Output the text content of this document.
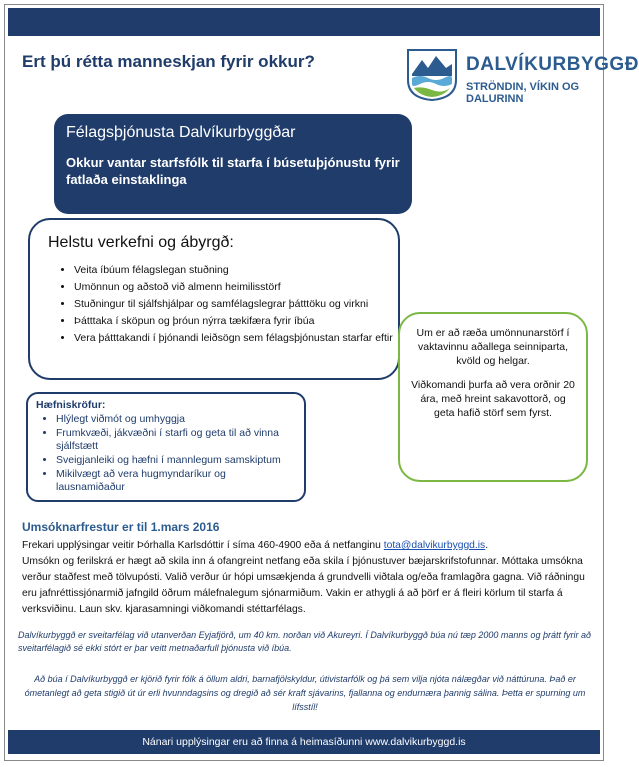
Ert þú rétta manneskjan fyrir okkur?	DALVÍKURBYGGÐ
STRÖNDIN, VÍKIN OG DALURINN
Félagsþjónusta Dalvíkurbyggðar
Okkur vantar starfsfólk til starfa í búsetuþjónustu fyrir fatlaða einstaklinga
Helstu verkefni og ábyrgð:
• Veita íbúum félagslegan stuðning
• Umönnun og aðstoð við almenn heimilisstörf
• Stuðningur til sjálfshjálpar og samfélagslegrar þátttöku og virkni
• Þátttaka í sköpun og þróun nýrra tækifæra fyrir íbúa
• Vera þátttakandi í þjónandi leiðsögn sem félagsþjónustan starfar eftir	Um er að ræða umönnunarstörf í vaktavinnu aðallega seinniparta, kvöld og helgar.

Viðkomandi þurfa að vera orðnir 20 ára, með hreint sakavottorð, og geta hafið störf sem fyrst.

Hæfniskröfur:
• Hlýlegt viðmót og umhyggja
• Frumkvæði, jákvæðni í starfi og geta til að vinna sjálfstætt
• Sveigjanleiki og hæfni í mannlegum samskiptum
• Mikilvægt að vera hugmyndaríkur og lausnamiðaður
Umsóknarfrestur er til 1.mars 2016
Frekari upplýsingar veitir Þórhalla Karlsdóttir í síma 460-4900 eða á netfanginu tota@dalvikurbyggd.is.
Umsókn og ferilskrá er hægt að skila inn á ofangreint netfang eða skila í þjónustuver bæjarskrifstofunnar. Móttaka umsókna verður staðfest með tölvupósti. Valið verður úr hópi umsækjenda á grundvelli viðtala og/eða framlagðra gagna. Við ráðningu eru jafnréttissjónarmið jafngild öðrum málefnalegum sjónarmiðum. Vakin er athygli á að þörf er á fleiri körlum til starfa á verksviðinu. Laun skv. kjarasamningi viðkomandi stéttarfélags.
Dalvíkurbyggð er sveitarfélag við utanverðan Eyjafjörð, um 40 km. norðan við Akureyri. Í Dalvíkurbyggð búa nú tæp 2000 manns og þrátt fyrir að sveitarfélagið sé ekki stórt er þar veitt metnaðarfull þjónusta við íbúa.
Að búa í Dalvíkurbyggð er kjörið fyrir fólk á öllum aldri, barnafjölskyldur, útivistarfólk og þá sem vilja njóta nálægðar við náttúruna. Það er ómetanlegt að geta stigið út úr erli hvunndagsins og dregið að sér kraft sjávarins, fjallanna og endurnæra þannig sálina. Þetta er spurning um lífsstíl!
Nánari upplýsingar eru að finna á heimasíðunni www.dalvikurbyggd.is
